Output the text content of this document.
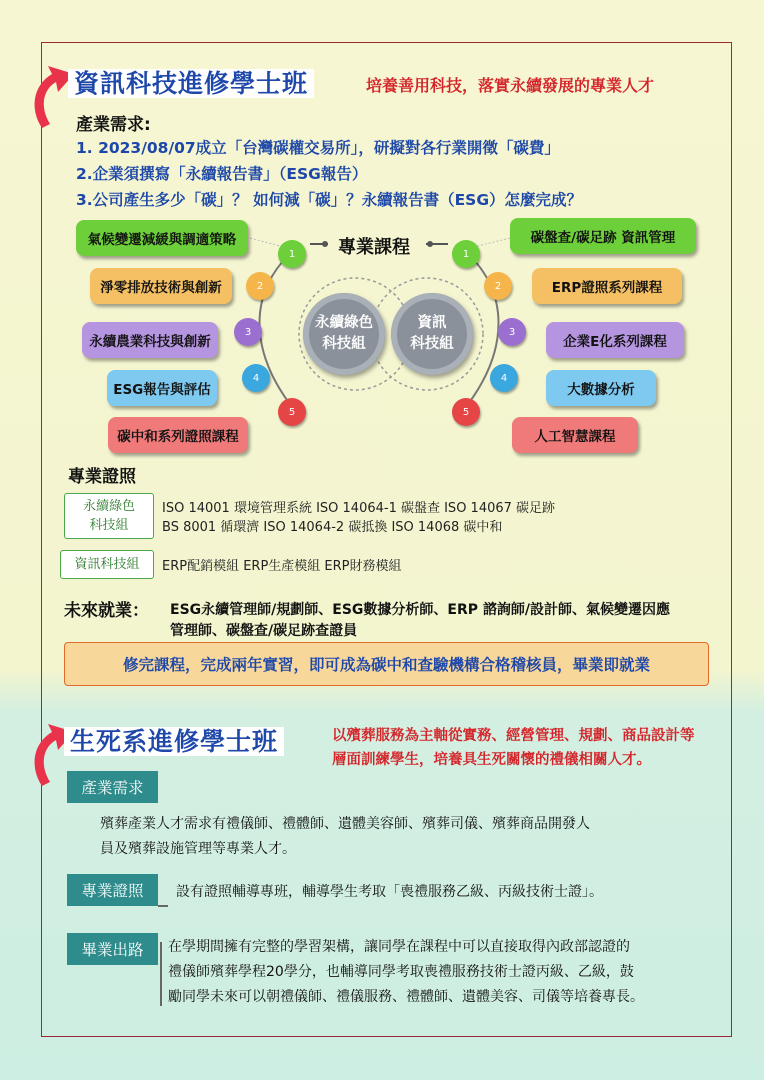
資訊科技進修學士班	培養善用科技，落實永續發展的專業人才
產業需求:
1. 2023/08/07成立「台灣碳權交易所」，研擬對各行業開徵「碳費」
2.企業須撰寫「永續報告書」（ESG報告）
3.公司產生多少「碳」？ 如何減「碳」？永續報告書（ESG）怎麼完成？
專業課程
永續綠色
科技組
資訊
科技組
氣候變遷減緩與調適策略
淨零排放技術與創新
永續農業科技與創新
ESG報告與評估
碳中和系列證照課程
碳盤查/碳足跡 資訊管理
ERP證照系列課程
企業E化系列課程
大數據分析
人工智慧課程
1
2
3
4
5
1
2
3
4
5
專業證照
永續綠色
科技組
ISO 14001 環境管理系統 ISO 14064-1 碳盤查 ISO 14067 碳足跡
BS 8001 循環濟 ISO 14064-2 碳抵換 ISO 14068 碳中和
資訊科技組 ERP配銷模組 ERP生產模組 ERP財務模組
未來就業： ESG永續管理師/規劃師、ESG數據分析師、ERP 諮詢師/設計師、氣候變遷因應
管理師、碳盤查/碳足跡查證員
修完課程，完成兩年實習，即可成為碳中和查驗機構合格稽核員，畢業即就業
生死系進修學士班	以殯葬服務為主軸從實務、經營管理、規劃、商品設計等
層面訓練學生，培養具生死關懷的禮儀相關人才。
產業需求
殯葬產業人才需求有禮儀師、禮體師、遺體美容師、殯葬司儀、殯葬商品開發人
員及殯葬設施管理等專業人才。
專業證照	設有證照輔導專班，輔導學生考取「喪禮服務乙級、丙級技術士證」。
畢業出路	在學期間擁有完整的學習架構，讓同學在課程中可以直接取得內政部認證的
禮儀師殯葬學程20學分，也輔導同學考取喪禮服務技術士證丙級、乙級，鼓
勵同學未來可以朝禮儀師、禮儀服務、禮體師、遺體美容、司儀等培養專長。
